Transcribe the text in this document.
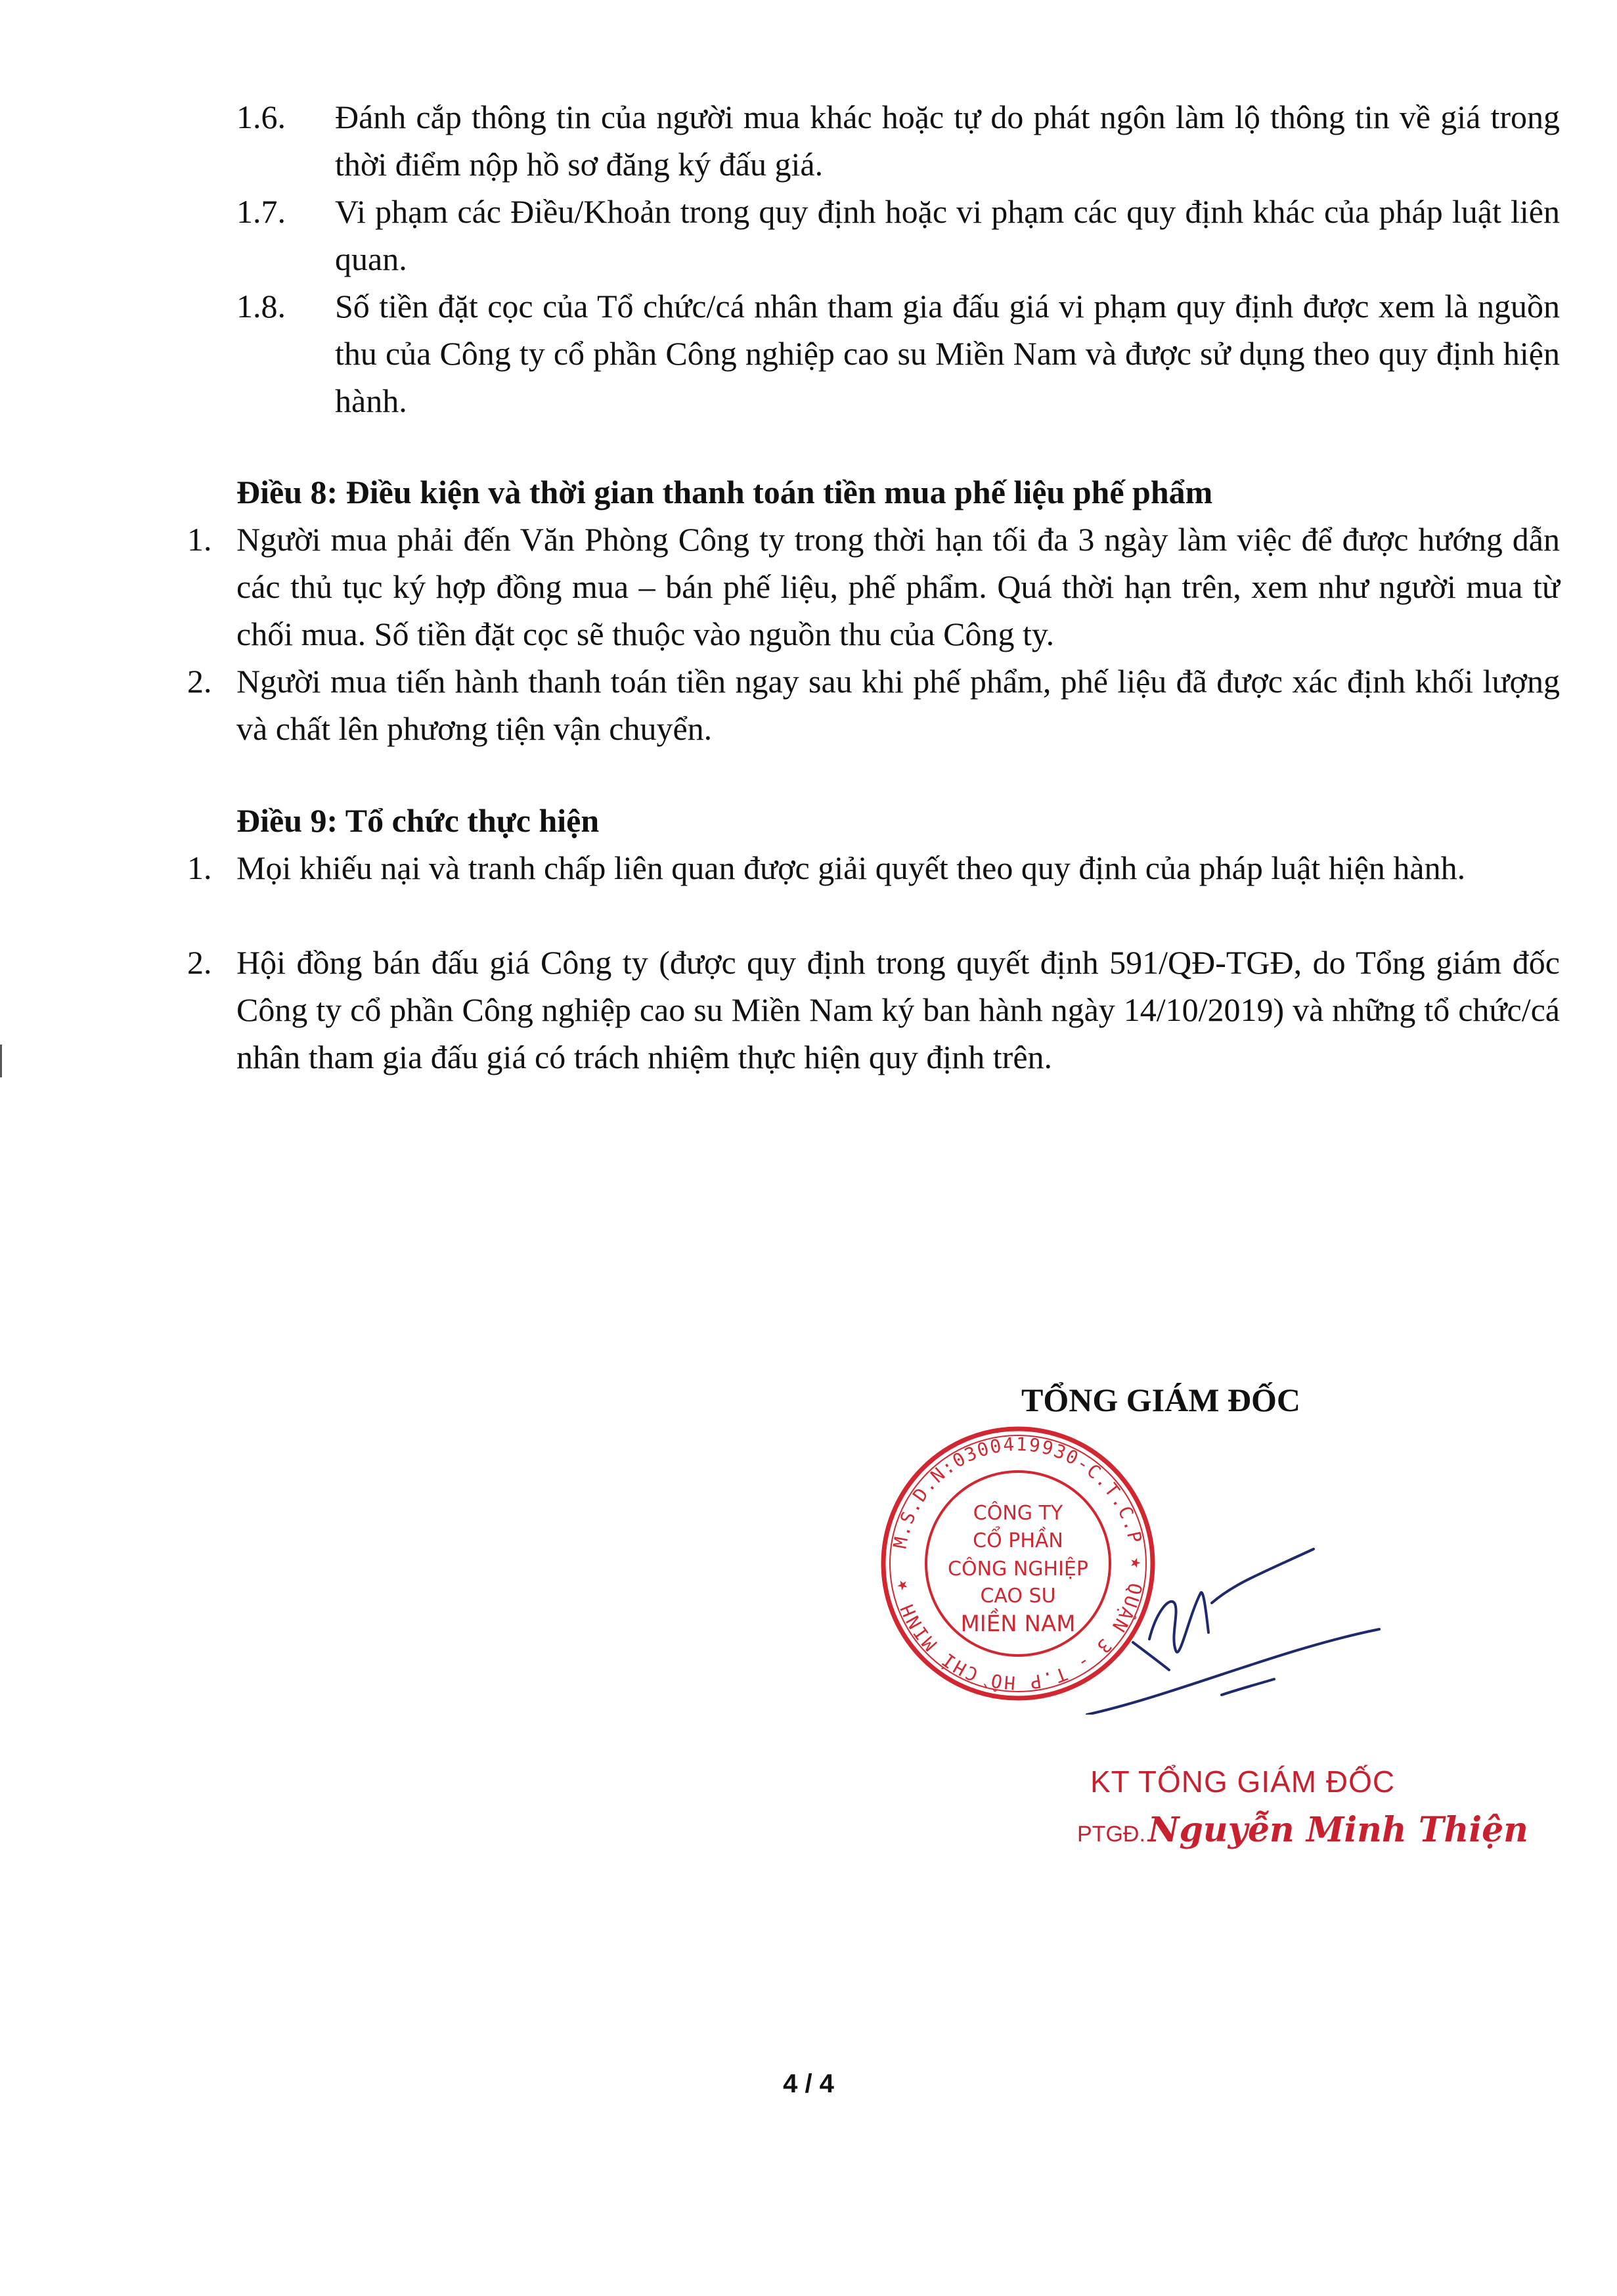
1.6. Đánh cắp thông tin của người mua khác hoặc tự do phát ngôn làm lộ thông tin về giá trong thời điểm nộp hồ sơ đăng ký đấu giá.
1.7. Vi phạm các Điều/Khoản trong quy định hoặc vi phạm các quy định khác của pháp luật liên quan.
1.8. Số tiền đặt cọc của Tổ chức/cá nhân tham gia đấu giá vi phạm quy định được xem là nguồn thu của Công ty cổ phần Công nghiệp cao su Miền Nam và được sử dụng theo quy định hiện hành.
Điều 8: Điều kiện và thời gian thanh toán tiền mua phế liệu phế phẩm
1. Người mua phải đến Văn Phòng Công ty trong thời hạn tối đa 3 ngày làm việc để được hướng dẫn các thủ tục ký hợp đồng mua – bán phế liệu, phế phẩm. Quá thời hạn trên, xem như người mua từ chối mua. Số tiền đặt cọc sẽ thuộc vào nguồn thu của Công ty.
2. Người mua tiến hành thanh toán tiền ngay sau khi phế phẩm, phế liệu đã được xác định khối lượng và chất lên phương tiện vận chuyển.
Điều 9: Tổ chức thực hiện
1. Mọi khiếu nại và tranh chấp liên quan được giải quyết theo quy định của pháp luật hiện hành.
2. Hội đồng bán đấu giá Công ty (được quy định trong quyết định 591/QĐ-TGĐ, do Tổng giám đốc Công ty cổ phần Công nghiệp cao su Miền Nam ký ban hành ngày 14/10/2019) và những tổ chức/cá nhân tham gia đấu giá có trách nhiệm thực hiện quy định trên.
TỔNG GIÁM ĐỐC
M.S.D.N:0300419930-C.T.C.P ★ QUẬN 3 - T.P HỒ CHÍ MINH ★
CÔNG TY
CỔ PHẦN
CÔNG NGHIỆP
CAO SU
MIỀN NAM
KT TỔNG GIÁM ĐỐC
PTGĐ. Nguyễn Minh Thiện
4 / 4
